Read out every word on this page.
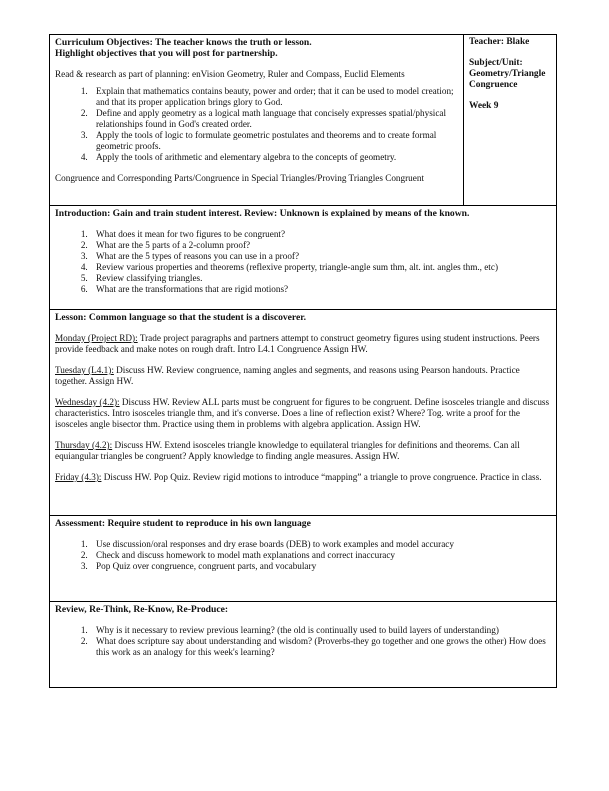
Curriculum Objectives: The teacher knows the truth or lesson.

Highlight objectives that you will post for partnership.

Read & research as part of planning: enVision Geometry, Ruler and Compass, Euclid Elements

1. Explain that mathematics contains beauty, power and order; that it can be used to model creation; and that its proper application brings glory to God.
2. Define and apply geometry as a logical math language that concisely expresses spatial/physical relationships found in God's created order.
3. Apply the tools of logic to formulate geometric postulates and theorems and to create formal geometric proofs.
4. Apply the tools of arithmetic and elementary algebra to the concepts of geometry.

Congruence and Corresponding Parts/Congruence in Special Triangles/Proving Triangles Congruent

Teacher: Blake

Subject/Unit:

Geometry/Triangle

Congruence

Week 9

Introduction: Gain and train student interest. Review: Unknown is explained by means of the known.

1. What does it mean for two figures to be congruent?
2. What are the 5 parts of a 2-column proof?
3. What are the 5 types of reasons you can use in a proof?
4. Review various properties and theorems (reflexive property, triangle-angle sum thm, alt. int. angles thm., etc)
5. Review classifying triangles.
6. What are the transformations that are rigid motions?

Lesson: Common language so that the student is a discoverer.

Monday (Project RD): Trade project paragraphs and partners attempt to construct geometry figures using student instructions. Peers provide feedback and make notes on rough draft. Intro L4.1 Congruence Assign HW.

Tuesday (L4.1): Discuss HW. Review congruence, naming angles and segments, and reasons using Pearson handouts. Practice together. Assign HW.

Wednesday (4.2): Discuss HW. Review ALL parts must be congruent for figures to be congruent. Define isosceles triangle and discuss characteristics. Intro isosceles triangle thm, and it's converse. Does a line of reflection exist? Where? Tog. write a proof for the isosceles angle bisector thm. Practice using them in problems with algebra application. Assign HW.

Thursday (4.2): Discuss HW. Extend isosceles triangle knowledge to equilateral triangles for definitions and theorems. Can all equiangular triangles be congruent? Apply knowledge to finding angle measures. Assign HW.

Friday (4.3): Discuss HW. Pop Quiz. Review rigid motions to introduce “mapping” a triangle to prove congruence. Practice in class.

Assessment: Require student to reproduce in his own language

1. Use discussion/oral responses and dry erase boards (DEB) to work examples and model accuracy
2. Check and discuss homework to model math explanations and correct inaccuracy
3. Pop Quiz over congruence, congruent parts, and vocabulary

Review, Re-Think, Re-Know, Re-Produce:

1. Why is it necessary to review previous learning? (the old is continually used to build layers of understanding)
2. What does scripture say about understanding and wisdom? (Proverbs-they go together and one grows the other) How does this work as an analogy for this week's learning?
